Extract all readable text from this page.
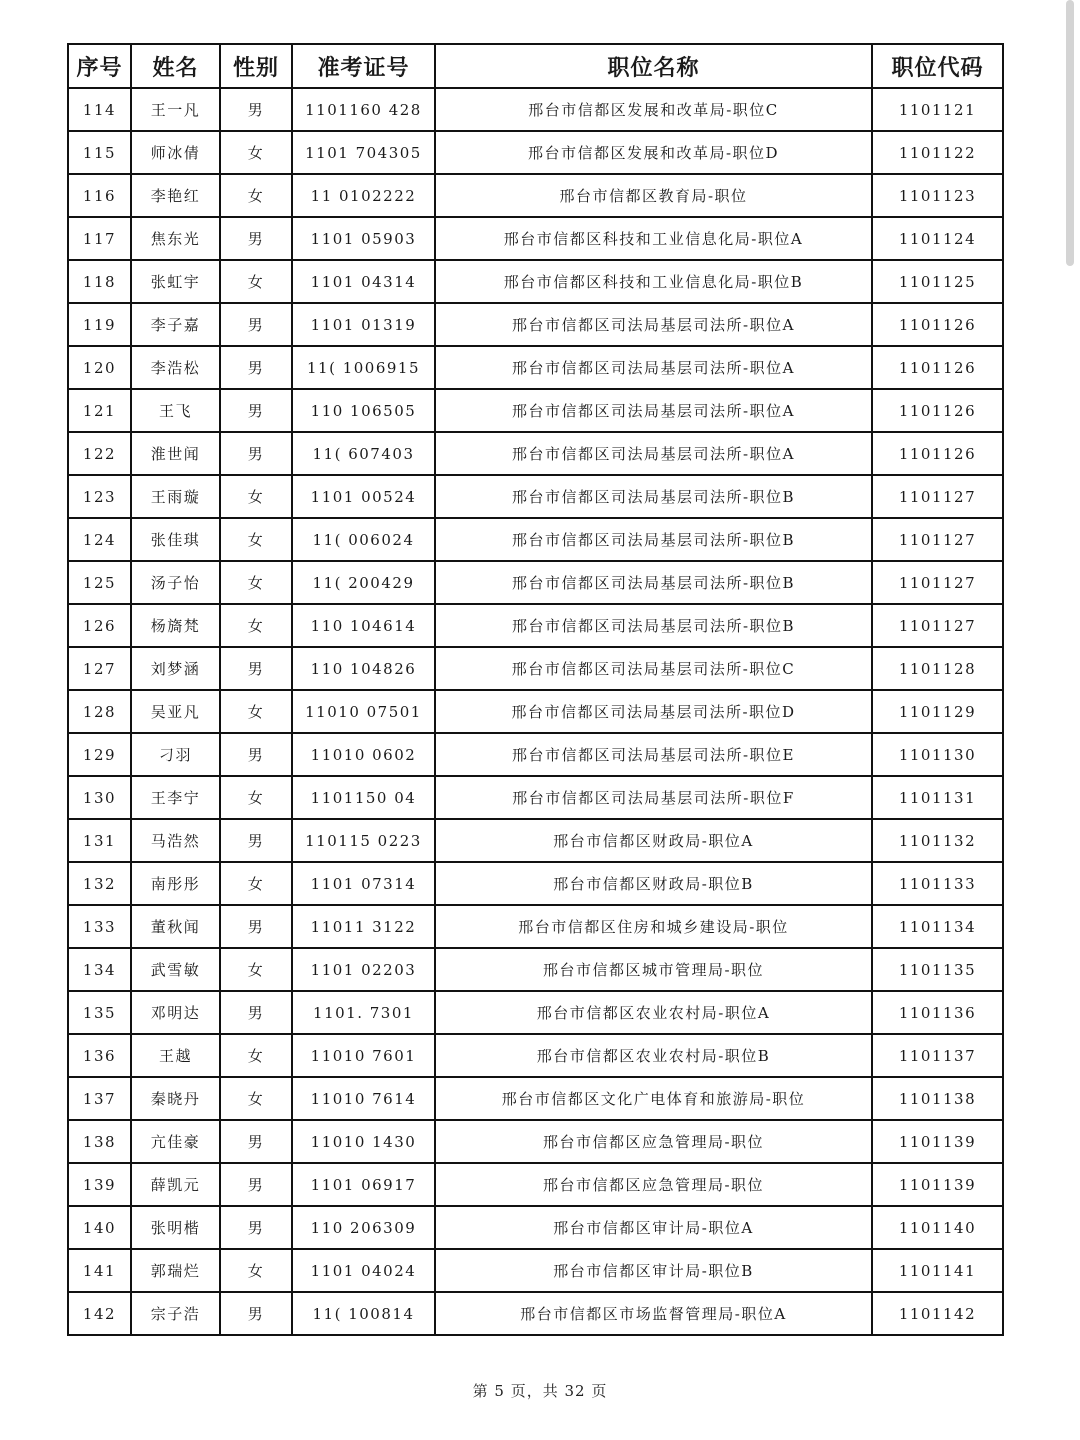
序号	姓名	性别	准考证号	职位名称	职位代码
114	王一凡	男	1101160 428	邢台市信都区发展和改革局-职位C	1101121
115	师冰倩	女	1101 704305	邢台市信都区发展和改革局-职位D	1101122
116	李艳红	女	11 0102222	邢台市信都区教育局-职位	1101123
117	焦东光	男	1101 05903	邢台市信都区科技和工业信息化局-职位A	1101124
118	张虹宇	女	1101 04314	邢台市信都区科技和工业信息化局-职位B	1101125
119	李子嘉	男	1101 01319	邢台市信都区司法局基层司法所-职位A	1101126
120	李浩松	男	11( 1006915	邢台市信都区司法局基层司法所-职位A	1101126
121	王飞	男	110 106505	邢台市信都区司法局基层司法所-职位A	1101126
122	淮世闻	男	11( 607403	邢台市信都区司法局基层司法所-职位A	1101126
123	王雨璇	女	1101 00524	邢台市信都区司法局基层司法所-职位B	1101127
124	张佳琪	女	11( 006024	邢台市信都区司法局基层司法所-职位B	1101127
125	汤子怡	女	11( 200429	邢台市信都区司法局基层司法所-职位B	1101127
126	杨旖梵	女	110 104614	邢台市信都区司法局基层司法所-职位B	1101127
127	刘梦涵	男	110 104826	邢台市信都区司法局基层司法所-职位C	1101128
128	吴亚凡	女	11010 07501	邢台市信都区司法局基层司法所-职位D	1101129
129	刁羽	男	11010 0602	邢台市信都区司法局基层司法所-职位E	1101130
130	王李宁	女	1101150 04	邢台市信都区司法局基层司法所-职位F	1101131
131	马浩然	男	110115 0223	邢台市信都区财政局-职位A	1101132
132	南彤彤	女	1101 07314	邢台市信都区财政局-职位B	1101133
133	董秋闻	男	11011 3122	邢台市信都区住房和城乡建设局-职位	1101134
134	武雪敏	女	1101 02203	邢台市信都区城市管理局-职位	1101135
135	邓明达	男	1101. 7301	邢台市信都区农业农村局-职位A	1101136
136	王越	女	11010 7601	邢台市信都区农业农村局-职位B	1101137
137	秦晓丹	女	11010 7614	邢台市信都区文化广电体育和旅游局-职位	1101138
138	亢佳豪	男	11010 1430	邢台市信都区应急管理局-职位	1101139
139	薛凯元	男	1101 06917	邢台市信都区应急管理局-职位	1101139
140	张明楷	男	110 206309	邢台市信都区审计局-职位A	1101140
141	郭瑞烂	女	1101 04024	邢台市信都区审计局-职位B	1101141
142	宗子浩	男	11( 100814	邢台市信都区市场监督管理局-职位A	1101142
第 5 页，共 32 页
